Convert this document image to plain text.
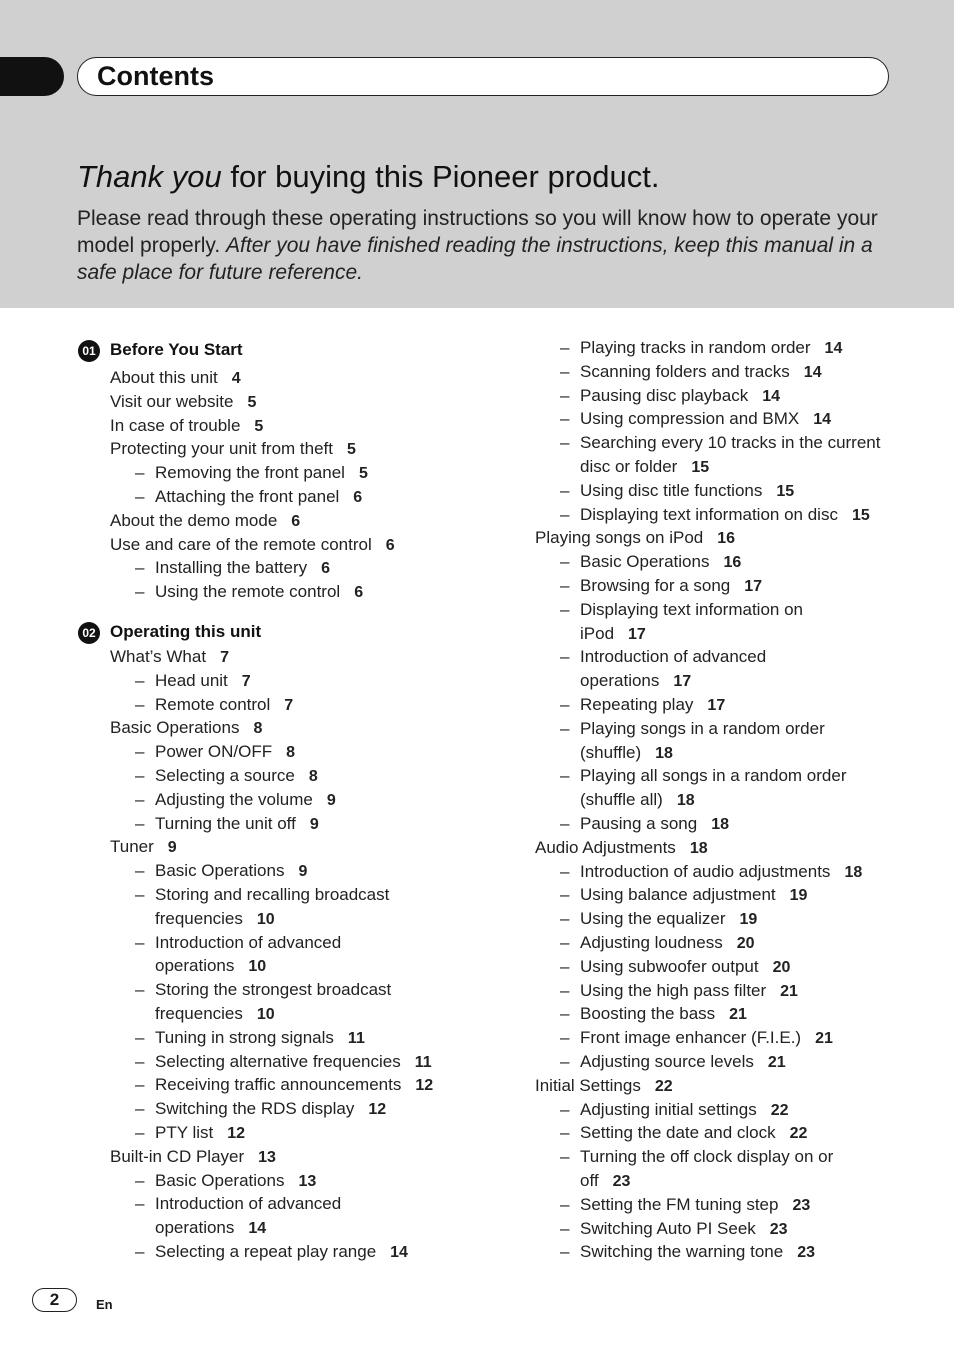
Contents
Thank you for buying this Pioneer product.
Please read through these operating instructions so you will know how to operate your model properly. After you have finished reading the instructions, keep this manual in a safe place for future reference.
01 Before You Start
02 Operating this unit
About this unit 4
Visit our website 5
In case of trouble 5
Protecting your unit from theft 5
– Removing the front panel 5
– Attaching the front panel 6
About the demo mode 6
Use and care of the remote control 6
– Installing the battery 6
– Using the remote control 6
What’s What 7
– Head unit 7
– Remote control 7
Basic Operations 8
– Power ON/OFF 8
– Selecting a source 8
– Adjusting the volume 9
– Turning the unit off 9
Tuner 9
– Basic Operations 9
– Storing and recalling broadcast
frequencies 10
– Introduction of advanced
operations 10
– Storing the strongest broadcast
frequencies 10
– Tuning in strong signals 11
– Selecting alternative frequencies 11
– Receiving traffic announcements 12
– Switching the RDS display 12
– PTY list 12
Built-in CD Player 13
– Basic Operations 13
– Introduction of advanced
operations 14
– Selecting a repeat play range 14
– Playing tracks in random order 14
– Scanning folders and tracks 14
– Pausing disc playback 14
– Using compression and BMX 14
– Searching every 10 tracks in the current
disc or folder 15
– Using disc title functions 15
– Displaying text information on disc 15
Playing songs on iPod 16
– Basic Operations 16
– Browsing for a song 17
– Displaying text information on
iPod 17
– Introduction of advanced
operations 17
– Repeating play 17
– Playing songs in a random order
(shuffle) 18
– Playing all songs in a random order
(shuffle all) 18
– Pausing a song 18
Audio Adjustments 18
– Introduction of audio adjustments 18
– Using balance adjustment 19
– Using the equalizer 19
– Adjusting loudness 20
– Using subwoofer output 20
– Using the high pass filter 21
– Boosting the bass 21
– Front image enhancer (F.I.E.) 21
– Adjusting source levels 21
Initial Settings 22
– Adjusting initial settings 22
– Setting the date and clock 22
– Turning the off clock display on or
off 23
– Setting the FM tuning step 23
– Switching Auto PI Seek 23
– Switching the warning tone 23
2	En
